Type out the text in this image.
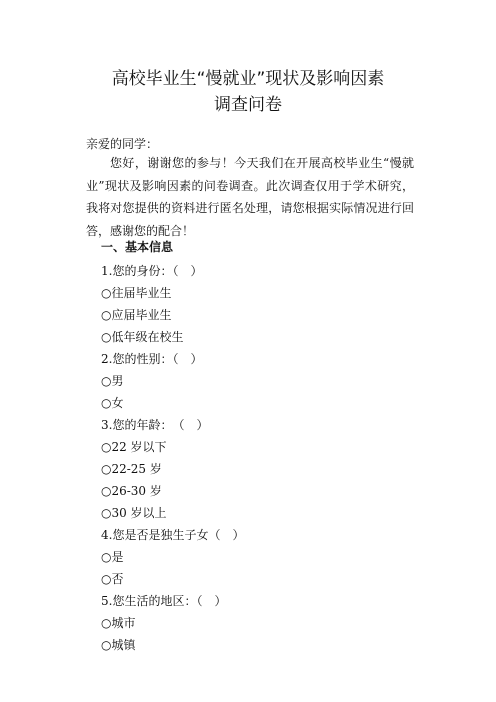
高校毕业生“慢就业”现状及影响因素
调查问卷
亲爱的同学：
您好，谢谢您的参与！今天我们在开展高校毕业生“慢就业”现状及影响因素的问卷调查。此次调查仅用于学术研究，我将对您提供的资料进行匿名处理，请您根据实际情况进行回答，感谢您的配合！
一、基本信息
1.您的身份：（　）
○往届毕业生
○应届毕业生
○低年级在校生
2.您的性别：（　）
○男
○女
3.您的年龄：　（　）
○22 岁以下
○22-25 岁
○26-30 岁
○30 岁以上
4.您是否是独生子女（　）
○是
○否
5.您生活的地区：（　）
○城市
○城镇
